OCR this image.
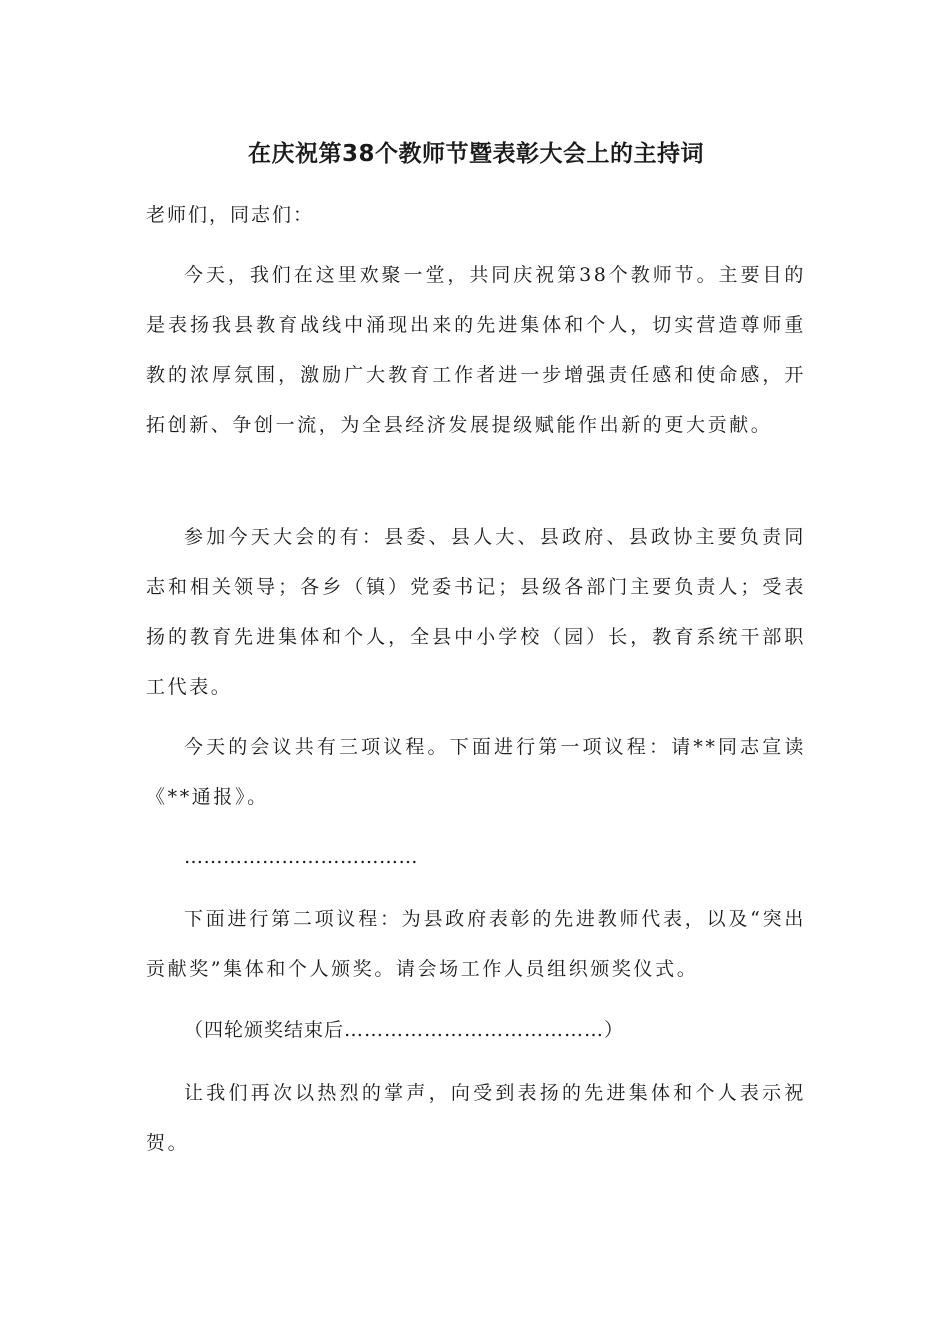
在庆祝第38个教师节暨表彰大会上的主持词

老师们，同志们：

今天，我们在这里欢聚一堂，共同庆祝第38个教师节。主要目的是表扬我县教育战线中涌现出来的先进集体和个人，切实营造尊师重教的浓厚氛围，激励广大教育工作者进一步增强责任感和使命感，开拓创新、争创一流，为全县经济发展提级赋能作出新的更大贡献。

参加今天大会的有：县委、县人大、县政府、县政协主要负责同志和相关领导；各乡（镇）党委书记；县级各部门主要负责人；受表扬的教育先进集体和个人，全县中小学校（园）长，教育系统干部职工代表。

今天的会议共有三项议程。下面进行第一项议程：请**同志宣读《**通报》。

………………………………

下面进行第二项议程：为县政府表彰的先进教师代表，以及“突出贡献奖”集体和个人颁奖。请会场工作人员组织颁奖仪式。

（四轮颁奖结束后…………………………………）

让我们再次以热烈的掌声，向受到表扬的先进集体和个人表示祝贺。
